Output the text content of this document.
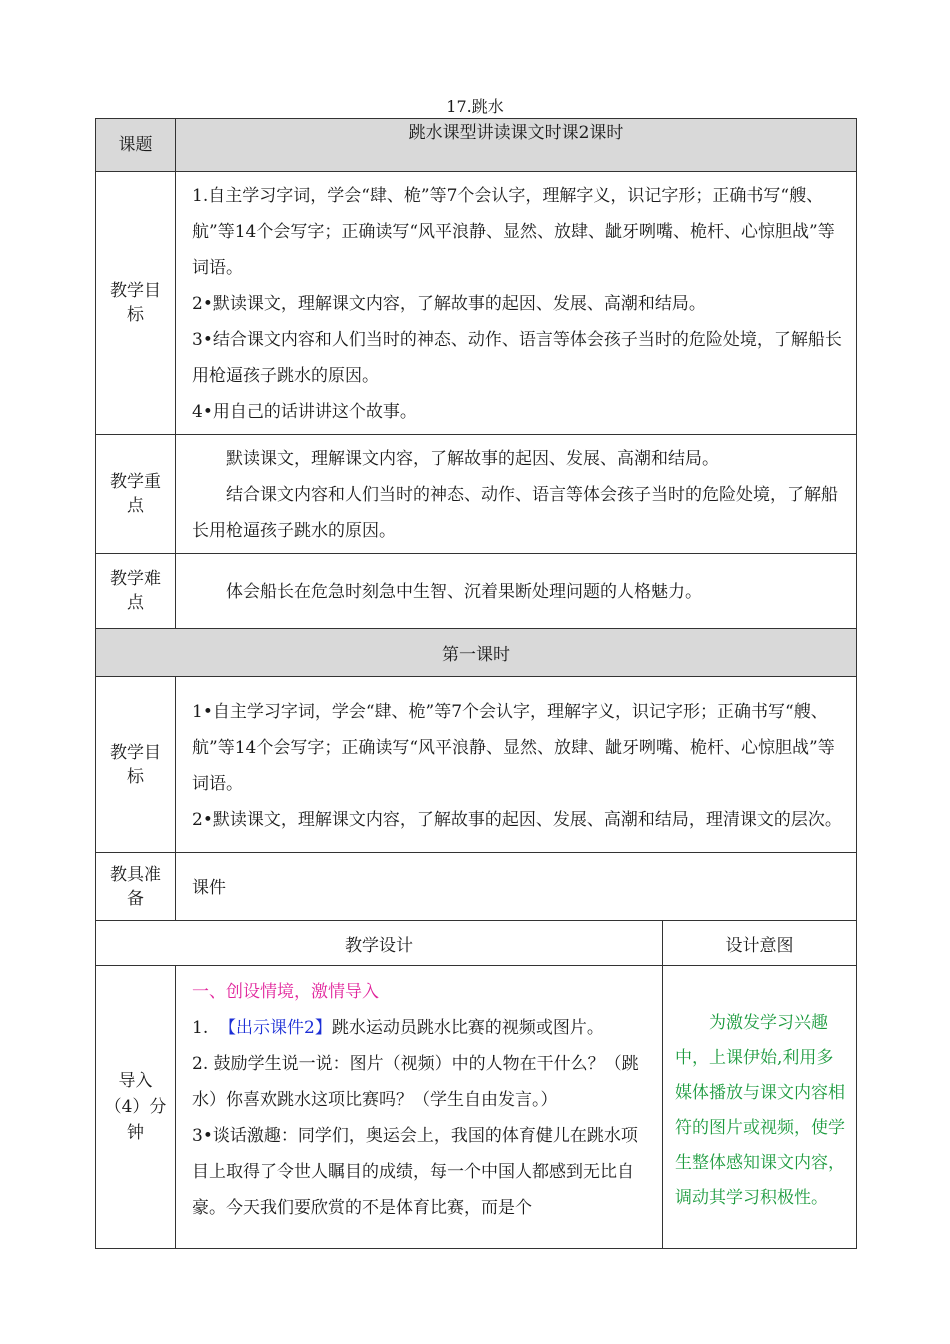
17.跳水
课题	跳水课型讲读课文时课2课时	
教学目标	1.自主学习字词，学会“肆、桅”等7个会认字，理解字义，识记字形；正确书写“艘、航”等14个会写字；正确读写“风平浪静、显然、放肆、龇牙咧嘴、桅杆、心惊胆战”等词语。

2•默读课文，理解课文内容，了解故事的起因、发展、高潮和结局。

3•结合课文内容和人们当时的神态、动作、语言等体会孩子当时的危险处境，了解船长用枪逼孩子跳水的原因。

4•用自己的话讲讲这个故事。	

教学重点	默读课文，理解课文内容，了解故事的起因、发展、高潮和结局。

结合课文内容和人们当时的神态、动作、语言等体会孩子当时的危险处境，了解船长用枪逼孩子跳水的原因。	

教学难点	体会船长在危急时刻急中生智、沉着果断处理问题的人格魅力。	

第一课时		
教学目标	1•自主学习字词，学会“肆、桅”等7个会认字，理解字义，识记字形；正确书写“艘、航”等14个会写字；正确读写“风平浪静、显然、放肆、龇牙咧嘴、桅杆、心惊胆战”等词语。

2•默读课文，理解课文内容，了解故事的起因、发展、高潮和结局，理清课文的层次。	

教具准备	课件	
教学设计		设计意图
导入（4）分钟	一、创设情境，激情导入

1. 【出示课件2】跳水运动员跳水比赛的视频或图片。

2. 鼓励学生说一说：图片（视频）中的人物在干什么？（跳水）你喜欢跳水这项比赛吗？（学生自由发言。）

3•谈话激趣：同学们，奥运会上，我国的体育健儿在跳水项目上取得了令世人瞩目的成绩，每一个中国人都感到无比自豪。今天我们要欣赏的不是体育比赛，而是个	为激发学习兴趣中，上课伊始,利用多媒体播放与课文内容相符的图片或视频，使学生整体感知课文内容，调动其学习积极性。
